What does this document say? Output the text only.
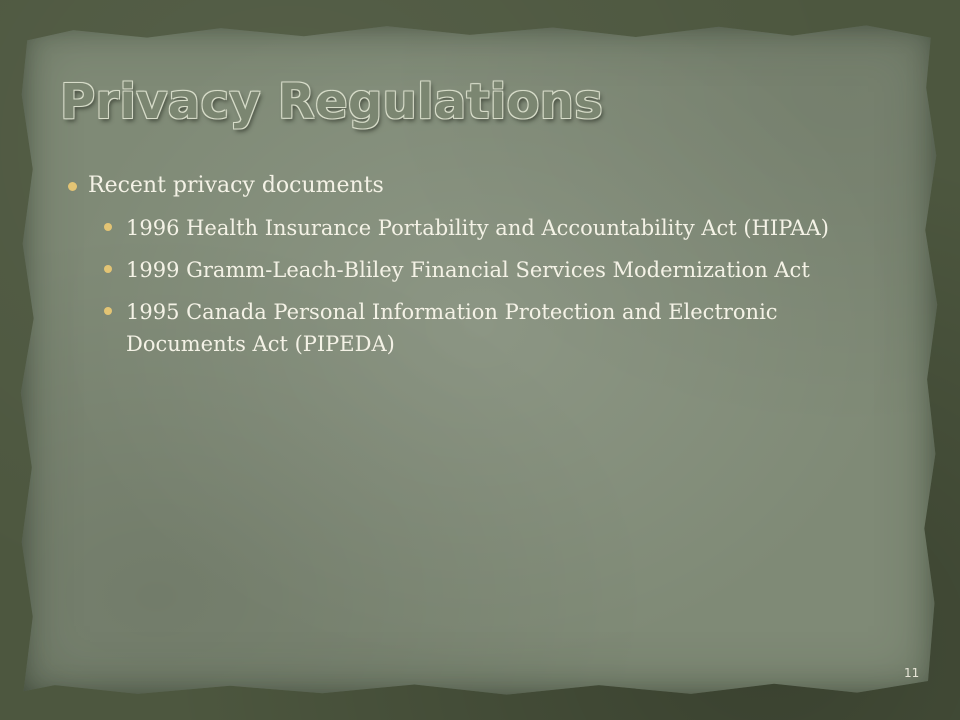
Privacy Regulations
Recent privacy documents
1996 Health Insurance Portability and Accountability Act (HIPAA)
1999 Gramm-Leach-Bliley Financial Services Modernization Act
1995 Canada Personal Information Protection and Electronic Documents Act (PIPEDA)
11
